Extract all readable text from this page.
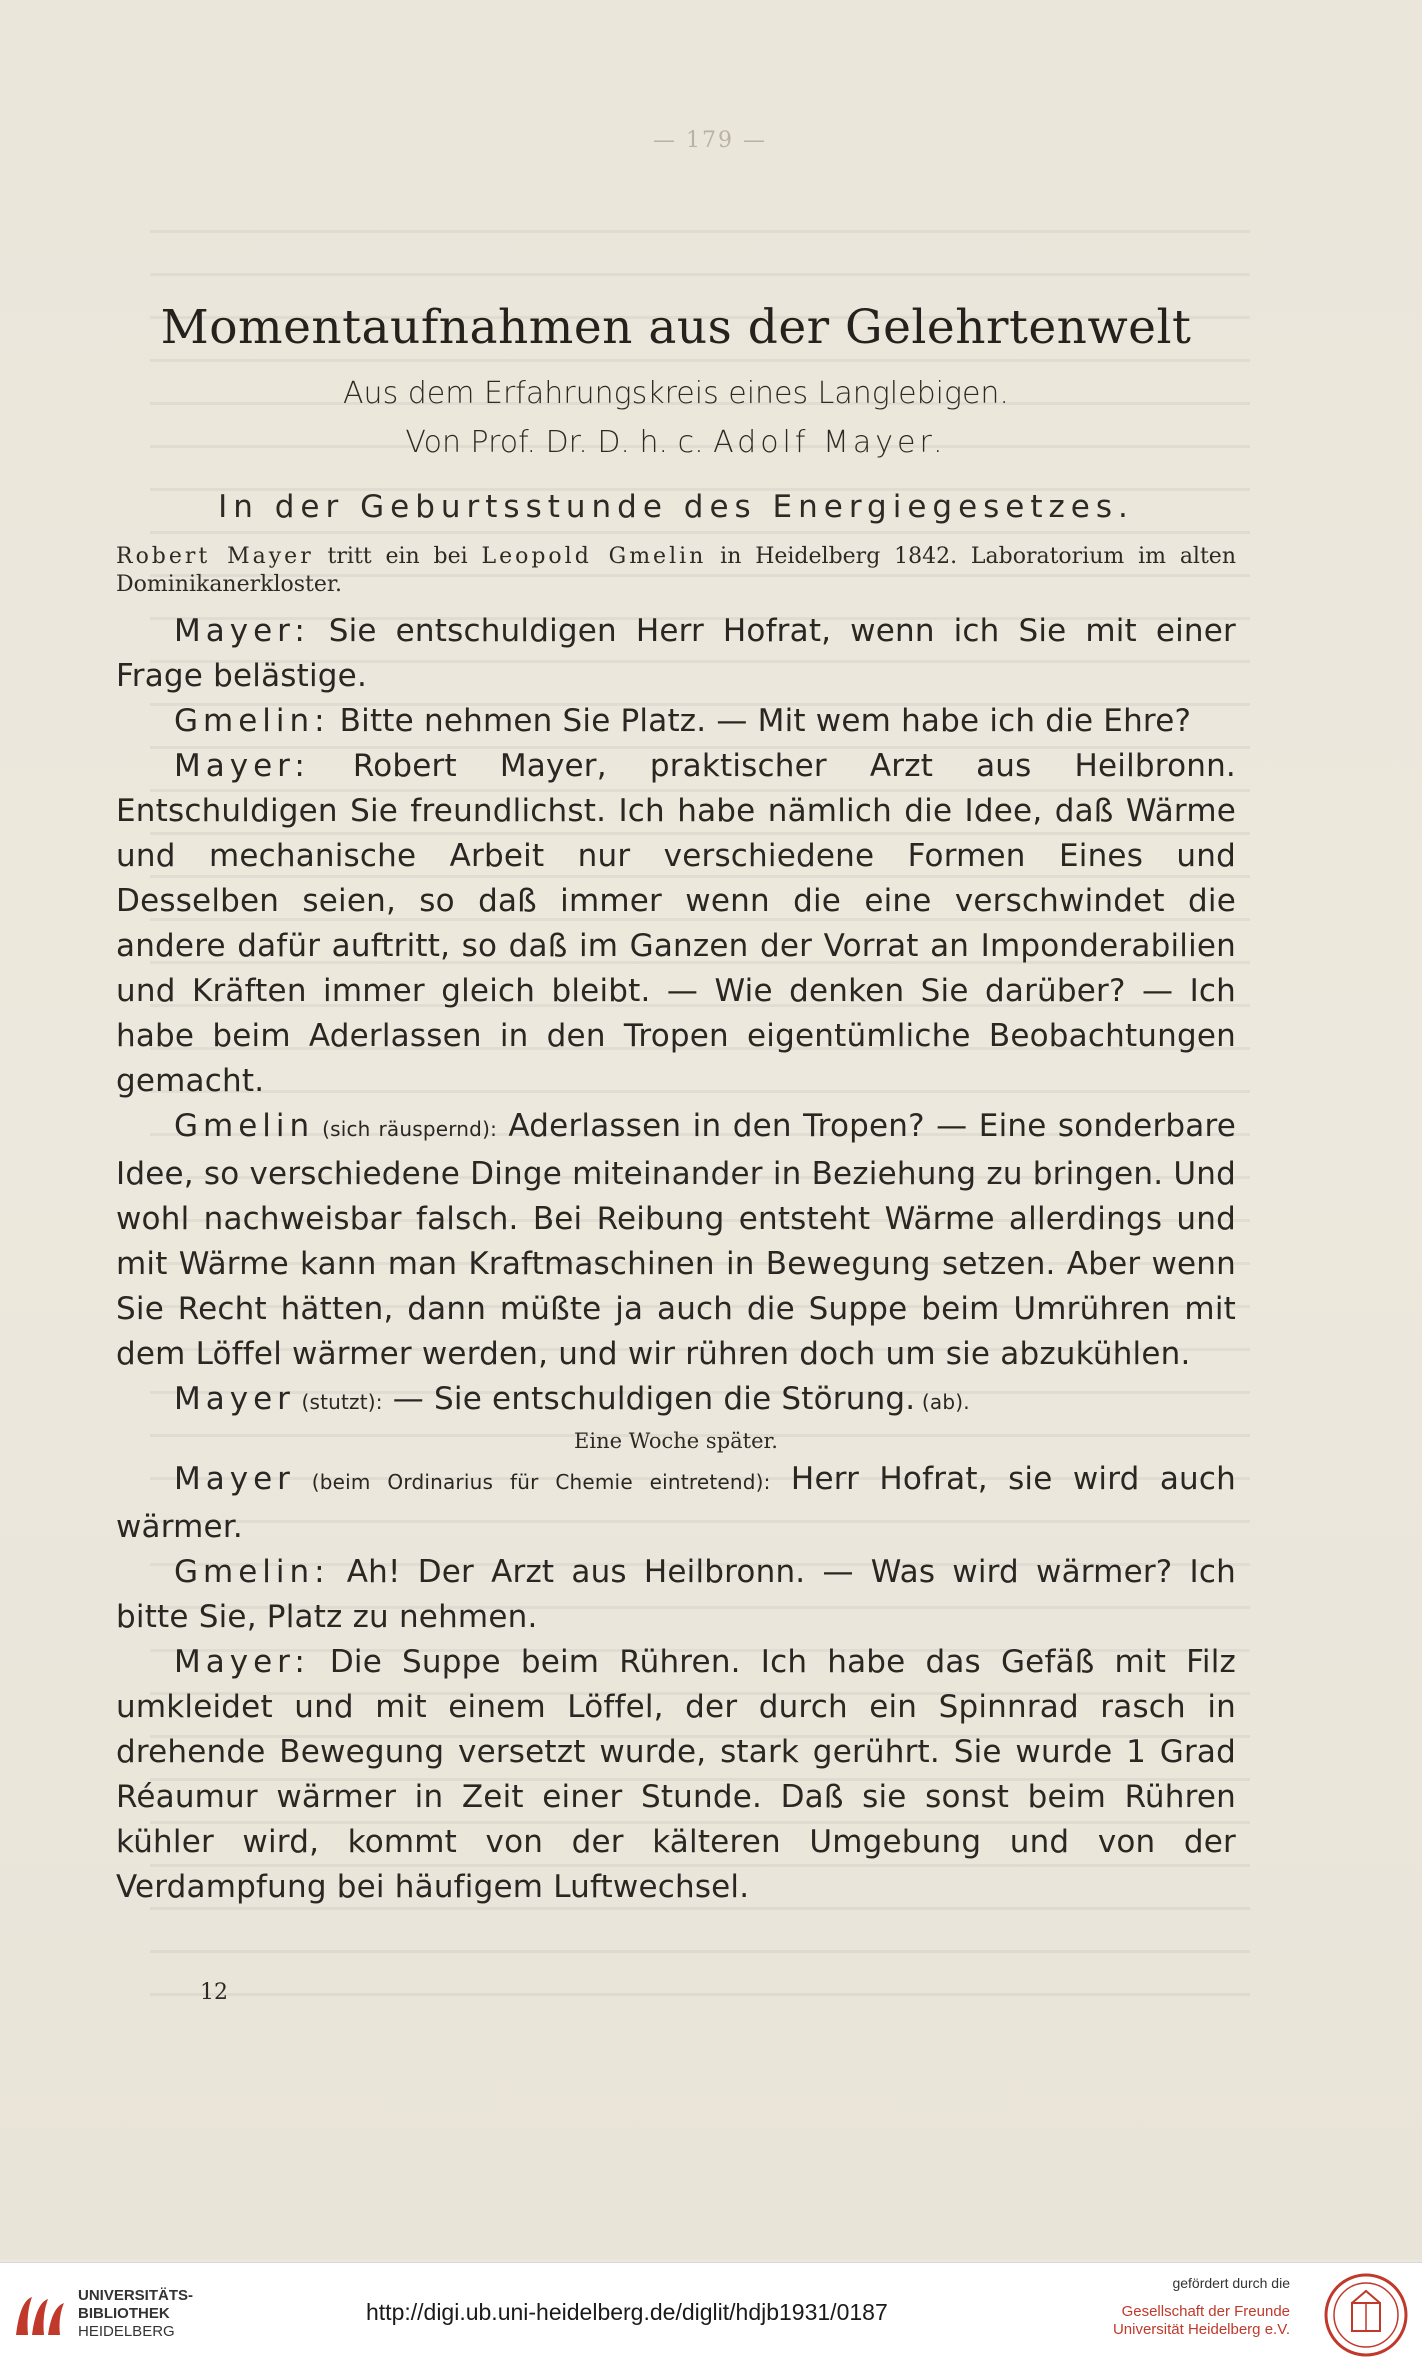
— 179 —
Momentaufnahmen aus der Gelehrtenwelt

Aus dem Erfahrungskreis eines Langlebigen.

Von Prof. Dr. D. h. c. Adolf Mayer.

In der Geburtsstunde des Energiegesetzes.

Robert Mayer tritt ein bei Leopold Gmelin in Heidelberg 1842. Laboratorium im alten Dominikanerkloster.

Mayer: Sie entschuldigen Herr Hofrat, wenn ich Sie mit einer Frage belästige.

Gmelin: Bitte nehmen Sie Platz. — Mit wem habe ich die Ehre?

Mayer: Robert Mayer, praktischer Arzt aus Heilbronn. Entschuldigen Sie freundlichst. Ich habe nämlich die Idee, daß Wärme und mechanische Arbeit nur verschiedene Formen Eines und Desselben seien, so daß immer wenn die eine verschwindet die andere dafür auftritt, so daß im Ganzen der Vorrat an Imponderabilien und Kräften immer gleich bleibt. — Wie denken Sie darüber? — Ich habe beim Aderlassen in den Tropen eigentümliche Beobachtungen gemacht.

Gmelin (sich räuspernd): Aderlassen in den Tropen? — Eine sonderbare Idee, so verschiedene Dinge miteinander in Beziehung zu bringen. Und wohl nachweisbar falsch. Bei Reibung entsteht Wärme allerdings und mit Wärme kann man Kraftmaschinen in Bewegung setzen. Aber wenn Sie Recht hätten, dann müßte ja auch die Suppe beim Umrühren mit dem Löffel wärmer werden, und wir rühren doch um sie abzukühlen.

Mayer (stutzt): — Sie entschuldigen die Störung. (ab).

Eine Woche später.

Mayer (beim Ordinarius für Chemie eintretend): Herr Hofrat, sie wird auch wärmer.

Gmelin: Ah! Der Arzt aus Heilbronn. — Was wird wärmer? Ich bitte Sie, Platz zu nehmen.

Mayer: Die Suppe beim Rühren. Ich habe das Gefäß mit Filz umkleidet und mit einem Löffel, der durch ein Spinnrad rasch in drehende Bewegung versetzt wurde, stark gerührt. Sie wurde 1 Grad Réaumur wärmer in Zeit einer Stunde. Daß sie sonst beim Rühren kühler wird, kommt von der kälteren Umgebung und von der Verdampfung bei häufigem Luftwechsel.

12
UNIVERSITÄTS-
BIBLIOTHEK
HEIDELBERG
http://digi.ub.uni-heidelberg.de/diglit/hdjb1931/0187
gefördert durch die
Gesellschaft der Freunde
Universität Heidelberg e.V.
